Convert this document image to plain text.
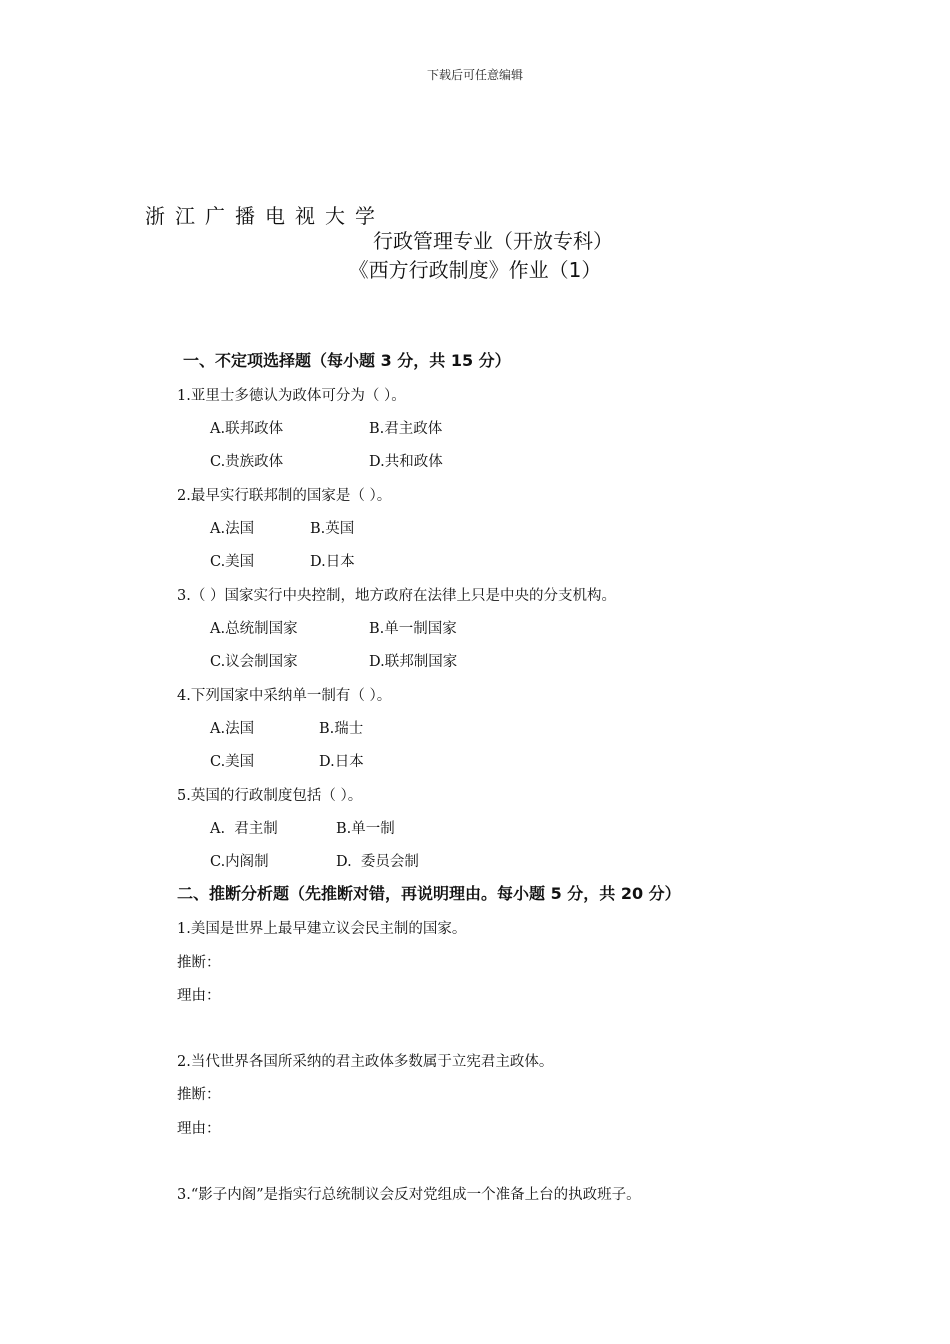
下载后可任意编辑
浙江广播电视大学
行政管理专业（开放专科）
《西方行政制度》作业（1）
一、不定项选择题（每小题 3 分，共 15 分）
1.亚里士多德认为政体可分为（ ）。
A.联邦政体	B.君主政体
C.贵族政体	D.共和政体
2.最早实行联邦制的国家是（ ）。
A.法国	B.英国
C.美国	D.日本
3.（ ）国家实行中央控制，地方政府在法律上只是中央的分支机构。
A.总统制国家	B.单一制国家
C.议会制国家	D.联邦制国家
4.下列国家中采纳单一制有（ ）。
A.法国	B.瑞士
C.美国	D.日本
5.英国的行政制度包括（ ）。
A.  君主制	B.单一制
C.内阁制	D.  委员会制
二、推断分析题（先推断对错，再说明理由。每小题 5 分，共 20 分）
1.美国是世界上最早建立议会民主制的国家。
推断：
理由：
2.当代世界各国所采纳的君主政体多数属于立宪君主政体。
推断：
理由：
3.“影子内阁”是指实行总统制议会反对党组成一个准备上台的执政班子。
